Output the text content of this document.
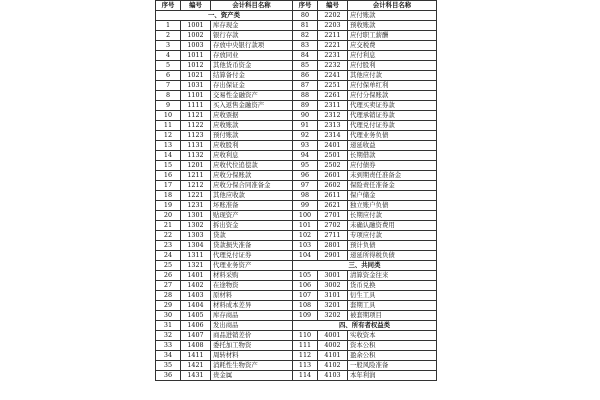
序号	编号	会计科目名称	序号	编号	会计科目名称
一、资产类			80	2202	应付账款
1	1001	库存现金	81	2203	预收账款
2	1002	银行存款	82	2211	应付职工薪酬
3	1003	存放中央银行款项	83	2221	应交税费
4	1011	存放同业	84	2231	应付利息
5	1012	其他货币资金	85	2232	应付股利
6	1021	结算备付金	86	2241	其他应付款
7	1031	存出保证金	87	2251	应付保单红利
8	1101	交易性金融资产	88	2261	应付分保账款
9	1111	买入返售金融资产	89	2311	代理买卖证券款
10	1121	应收票据	90	2312	代理承销证券款
11	1122	应收账款	91	2313	代理兑付证券款
12	1123	预付账款	92	2314	代理业务负债
13	1131	应收股利	93	2401	递延收益
14	1132	应收利息	94	2501	长期借款
15	1201	应收代位追偿款	95	2502	应付债券
16	1211	应收分保账款	96	2601	未到期责任准备金
17	1212	应收分保合同准备金	97	2602	保险责任准备金
18	1221	其他应收款	98	2611	保户储金
19	1231	坏账准备	99	2621	独立账户负债
20	1301	贴现资产	100	2701	长期应付款
21	1302	拆出资金	101	2702	未确认融资费用
22	1303	贷款	102	2711	专项应付款
23	1304	贷款损失准备	103	2801	预计负债
24	1311	代理兑付证券	104	2901	递延所得税负债
25	1321	代理业务资产	三、共同类		
26	1401	材料采购	105	3001	清算资金往来
27	1402	在途物资	106	3002	货币兑换
28	1403	原材料	107	3101	衍生工具
29	1404	材料成本差异	108	3201	套期工具
30	1405	库存商品	109	3202	被套期项目
31	1406	发出商品	四、所有者权益类		
32	1407	商品进销差价	110	4001	实收资本
33	1408	委托加工物资	111	4002	资本公积
34	1411	周转材料	112	4101	盈余公积
35	1421	消耗性生物资产	113	4102	一般风险准备
36	1431	贵金属	114	4103	本年利润
